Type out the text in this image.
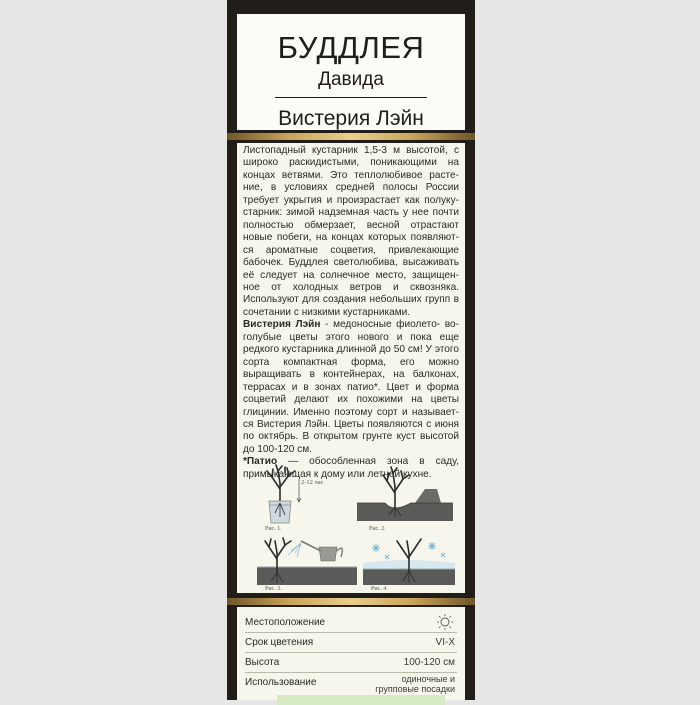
БУДДЛЕЯ
Давида
Вистерия Лэйн

Листопадный кустарник 1,5-3 м высотой, с широко раскидистыми, поникающими на концах ветвями. Это теплолюбивое расте- ние, в условиях средней полосы России требует укрытия и произрастает как полуку- старник: зимой надземная часть у нее почти полностью обмерзает, весной отрастают новые побеги, на концах которых появляют- ся ароматные соцветия, привлекающие бабочек. Буддлея светолюбива, высаживать её следует на солнечное место, защищен- ное от холодных ветров и сквозняка. Используют для создания небольших групп в сочетании с низкими кустарниками.

Вистерия Лэйн - медоносные фиолето- во-голубые цветы этого нового и пока еще редкого кустарника длинной до 50 см! У этого сорта компактная форма, его можно выращивать в контейнерах, на балконах, террасах и в зонах патио*. Цвет и форма соцветий делают их похожими на цветы глицинии. Именно поэтому сорт и называет- ся Вистерия Лэйн. Цветы появляются с июня по октябрь. В открытом грунте куст высотой до 100-120 см.

*Патио — обособленная зона в саду, примыкающая к дому или летней кухне.

2-12 час
Рис. 1.	Рис. 2.
Рис. 3.	Рис. 4.
Местоположение
Срок цветения	VI-X
Высота	100-120 см
Использование	одиночные и
групповые посадки
